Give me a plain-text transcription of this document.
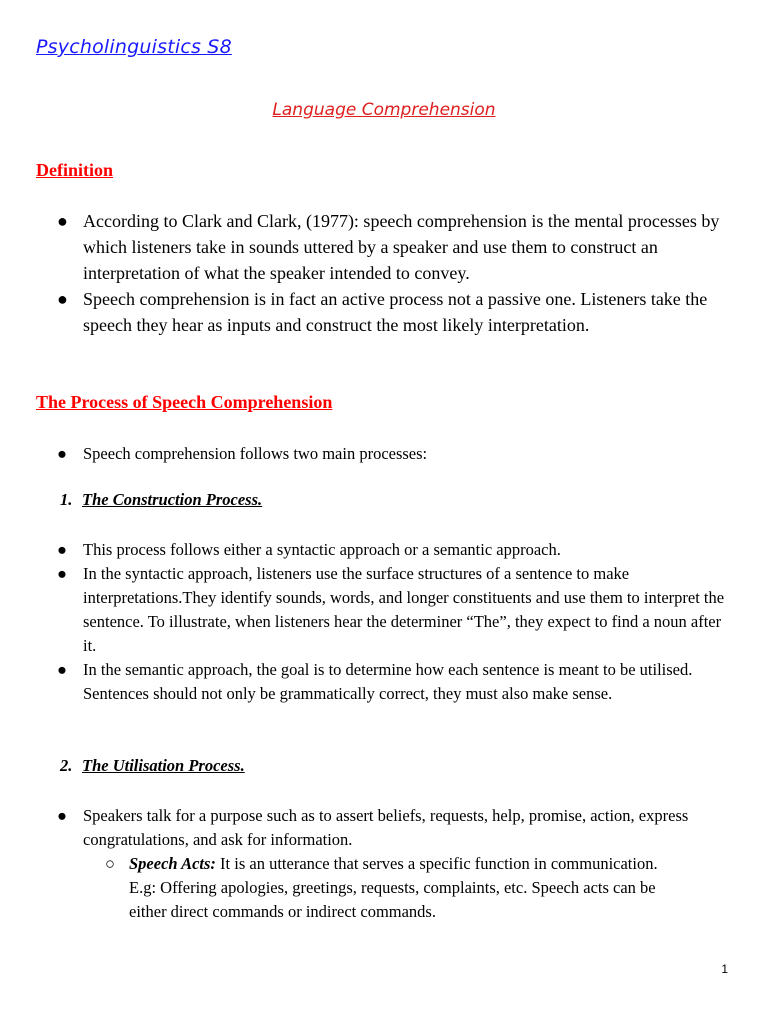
Psycholinguistics S8
Language Comprehension
Definition
● According to Clark and Clark, (1977): speech comprehension is the mental processes by which listeners take in sounds uttered by a speaker and use them to construct an interpretation of what the speaker intended to convey.
● Speech comprehension is in fact an active process not a passive one. Listeners take the speech they hear as inputs and construct the most likely interpretation.
The Process of Speech Comprehension
● Speech comprehension follows two main processes:
1. The Construction Process.
● This process follows either a syntactic approach or a semantic approach.
● In the syntactic approach, listeners use the surface structures of a sentence to make interpretations.They identify sounds, words, and longer constituents and use them to interpret the sentence. To illustrate, when listeners hear the determiner “The”, they expect to find a noun after it.
● In the semantic approach, the goal is to determine how each sentence is meant to be utilised. Sentences should not only be grammatically correct, they must also make sense.
2. The Utilisation Process.
● Speakers talk for a purpose such as to assert beliefs, requests, help, promise, action, express congratulations, and ask for information.
○ Speech Acts: It is an utterance that serves a specific function in communication. E.g: Offering apologies, greetings, requests, complaints, etc. Speech acts can be either direct commands or indirect commands.
1
